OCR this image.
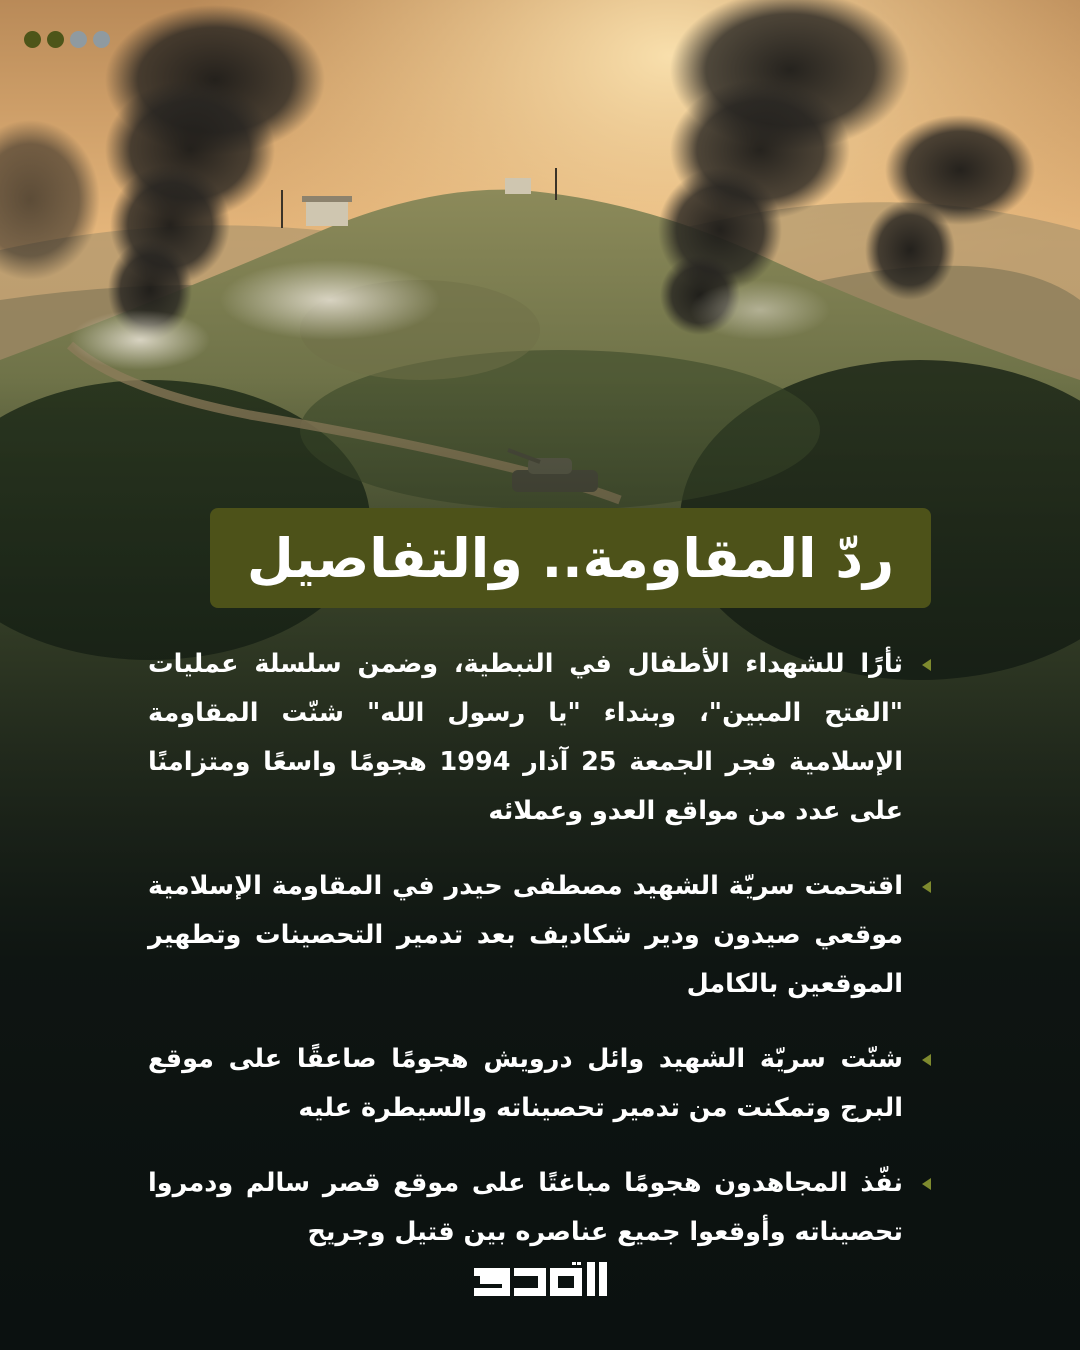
ردّ المقاومة.. والتفاصيل

ثأرًا للشهداء الأطفال في النبطية، وضمن سلسلة عمليات "الفتح المبين"، وبنداء "يا رسول الله" شنّت المقاومة الإسلامية فجر الجمعة 25 آذار 1994 هجومًا واسعًا ومتزامنًا على عدد من مواقع العدو وعملائه

اقتحمت سريّة الشهيد مصطفى حيدر في المقاومة الإسلامية موقعي صيدون ودير شكاديف بعد تدمير التحصينات وتطهير الموقعين بالكامل

شنّت سريّة الشهيد وائل درويش هجومًا صاعقًا على موقع البرج وتمكنت من تدمير تحصيناته والسيطرة عليه

نفّذ المجاهدون هجومًا مباغتًا على موقع قصر سالم ودمروا تحصيناته وأوقعوا جميع عناصره بين قتيل وجريح
